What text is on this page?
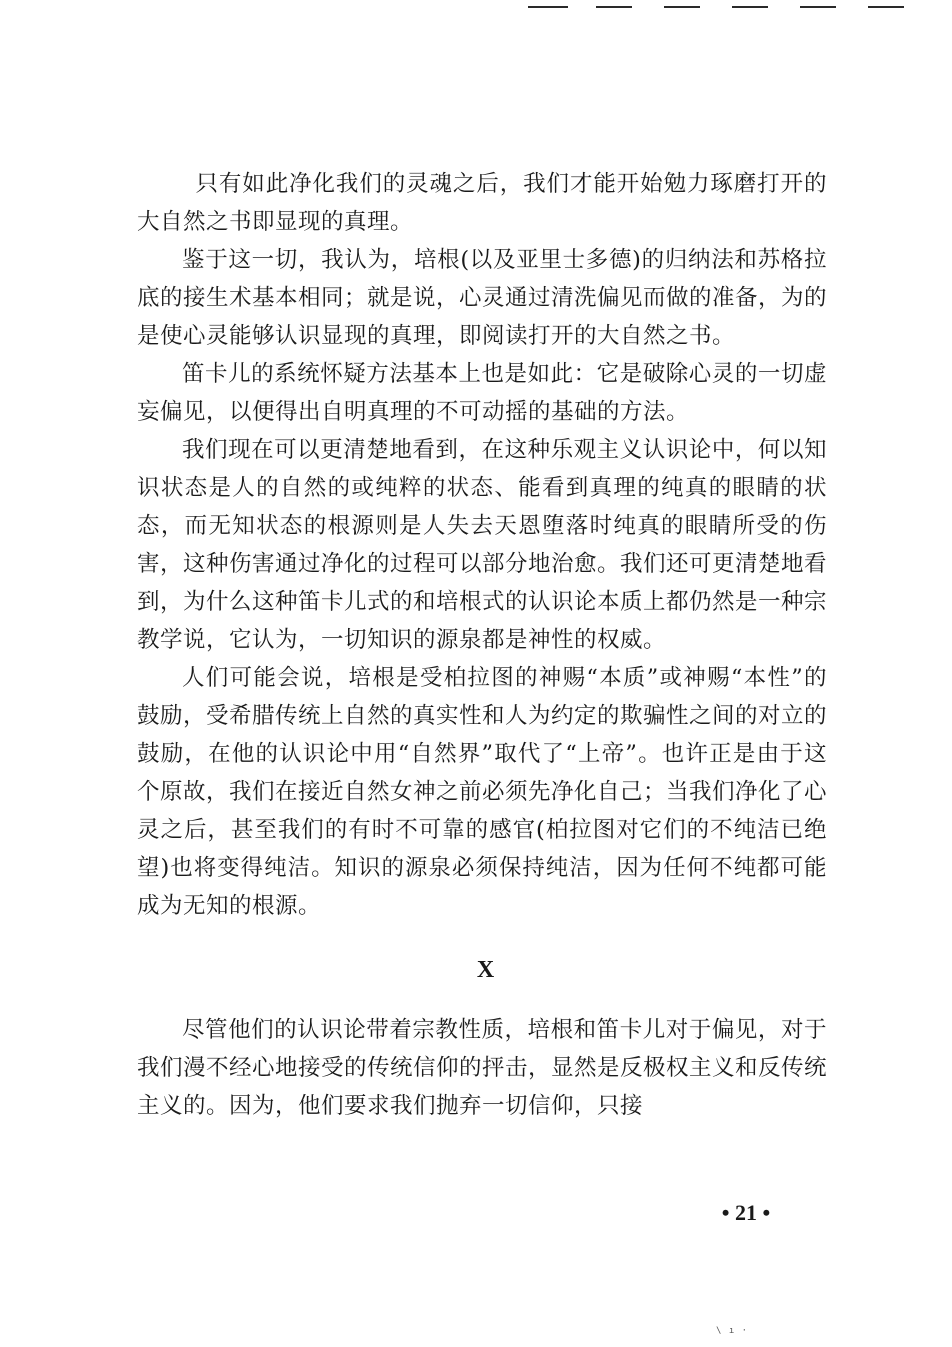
只有如此净化我们的灵魂之后，我们才能开始勉力琢磨打开的大自然之书即显现的真理。

鉴于这一切，我认为，培根(以及亚里士多德)的归纳法和苏格拉底的接生术基本相同；就是说，心灵通过清洗偏见而做的准备，为的是使心灵能够认识显现的真理，即阅读打开的大自然之书。

笛卡儿的系统怀疑方法基本上也是如此：它是破除心灵的一切虚妄偏见，以便得出自明真理的不可动摇的基础的方法。

我们现在可以更清楚地看到，在这种乐观主义认识论中，何以知识状态是人的自然的或纯粹的状态、能看到真理的纯真的眼睛的状态，而无知状态的根源则是人失去天恩堕落时纯真的眼睛所受的伤害，这种伤害通过净化的过程可以部分地治愈。我们还可更清楚地看到，为什么这种笛卡儿式的和培根式的认识论本质上都仍然是一种宗教学说，它认为，一切知识的源泉都是神性的权威。

人们可能会说，培根是受柏拉图的神赐“本质”或神赐“本性”的鼓励，受希腊传统上自然的真实性和人为约定的欺骗性之间的对立的鼓励，在他的认识论中用“自然界”取代了“上帝”。也许正是由于这个原故，我们在接近自然女神之前必须先净化自己；当我们净化了心灵之后，甚至我们的有时不可靠的感官(柏拉图对它们的不纯洁已绝望)也将变得纯洁。知识的源泉必须保持纯洁，因为任何不纯都可能成为无知的根源。

X

尽管他们的认识论带着宗教性质，培根和笛卡儿对于偏见，对于我们漫不经心地接受的传统信仰的抨击，显然是反极权主义和反传统主义的。因为，他们要求我们抛弃一切信仰，只接

• 21 •
\ ı ·
